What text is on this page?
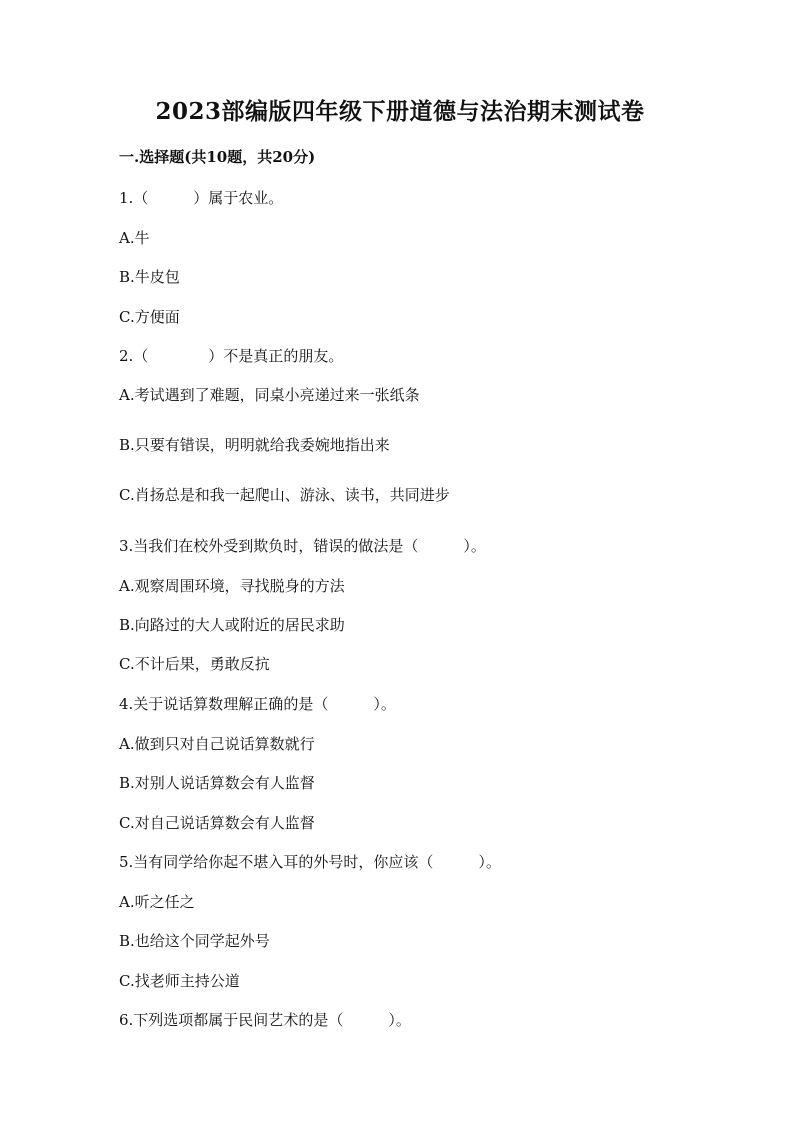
2023部编版四年级下册道德与法治期末测试卷
一.选择题(共10题，共20分)
1.（　　　）属于农业。
A.牛
B.牛皮包
C.方便面
2.（　　　　）不是真正的朋友。
A.考试遇到了难题，同桌小亮递过来一张纸条
B.只要有错误，明明就给我委婉地指出来
C.肖扬总是和我一起爬山、游泳、读书，共同进步
3.当我们在校外受到欺负时，错误的做法是（　　　）。
A.观察周围环境，寻找脱身的方法
B.向路过的大人或附近的居民求助
C.不计后果，勇敢反抗
4.关于说话算数理解正确的是（　　　）。
A.做到只对自己说话算数就行
B.对别人说话算数会有人监督
C.对自己说话算数会有人监督
5.当有同学给你起不堪入耳的外号时，你应该（　　　）。
A.听之任之
B.也给这个同学起外号
C.找老师主持公道
6.下列选项都属于民间艺术的是（　　　）。
